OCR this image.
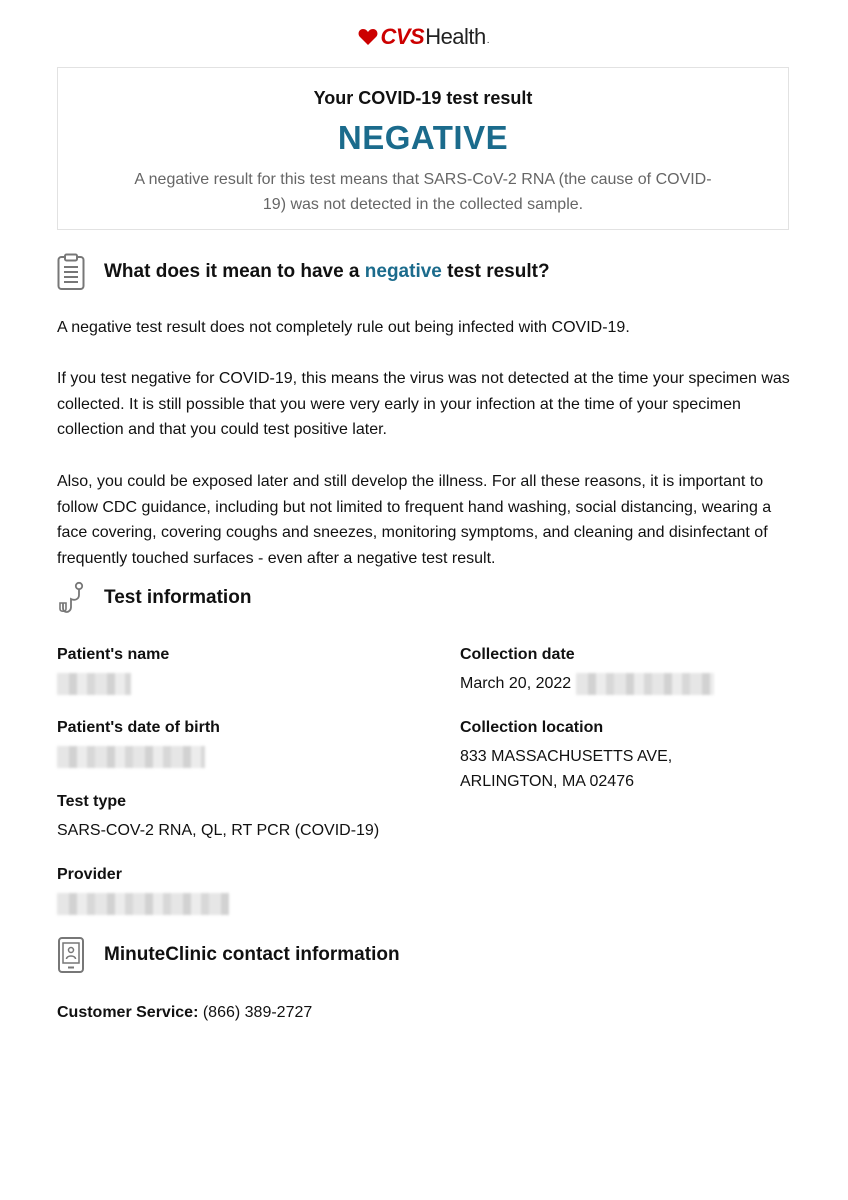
CVS Health .
Your COVID-19 test result
NEGATIVE
A negative result for this test means that SARS-CoV-2 RNA (the cause of COVID-19) was not detected in the collected sample.
What does it mean to have a negative test result?

A negative test result does not completely rule out being infected with COVID-19.

If you test negative for COVID-19, this means the virus was not detected at the time your specimen was collected. It is still possible that you were very early in your infection at the time of your specimen collection and that you could test positive later.

Also, you could be exposed later and still develop the illness. For all these reasons, it is important to follow CDC guidance, including but not limited to frequent hand washing, social distancing, wearing a face covering, covering coughs and sneezes, monitoring symptoms, and cleaning and disinfectant of frequently touched surfaces - even after a negative test result.

Test information
Patient's name
Patient's date of birth
Test type
SARS-COV-2 RNA, QL, RT PCR (COVID-19)
Provider
Collection date
March 20, 2022
Collection location
833 MASSACHUSETTS AVE,
ARLINGTON, MA 02476
MinuteClinic contact information
Customer Service: (866) 389-2727
